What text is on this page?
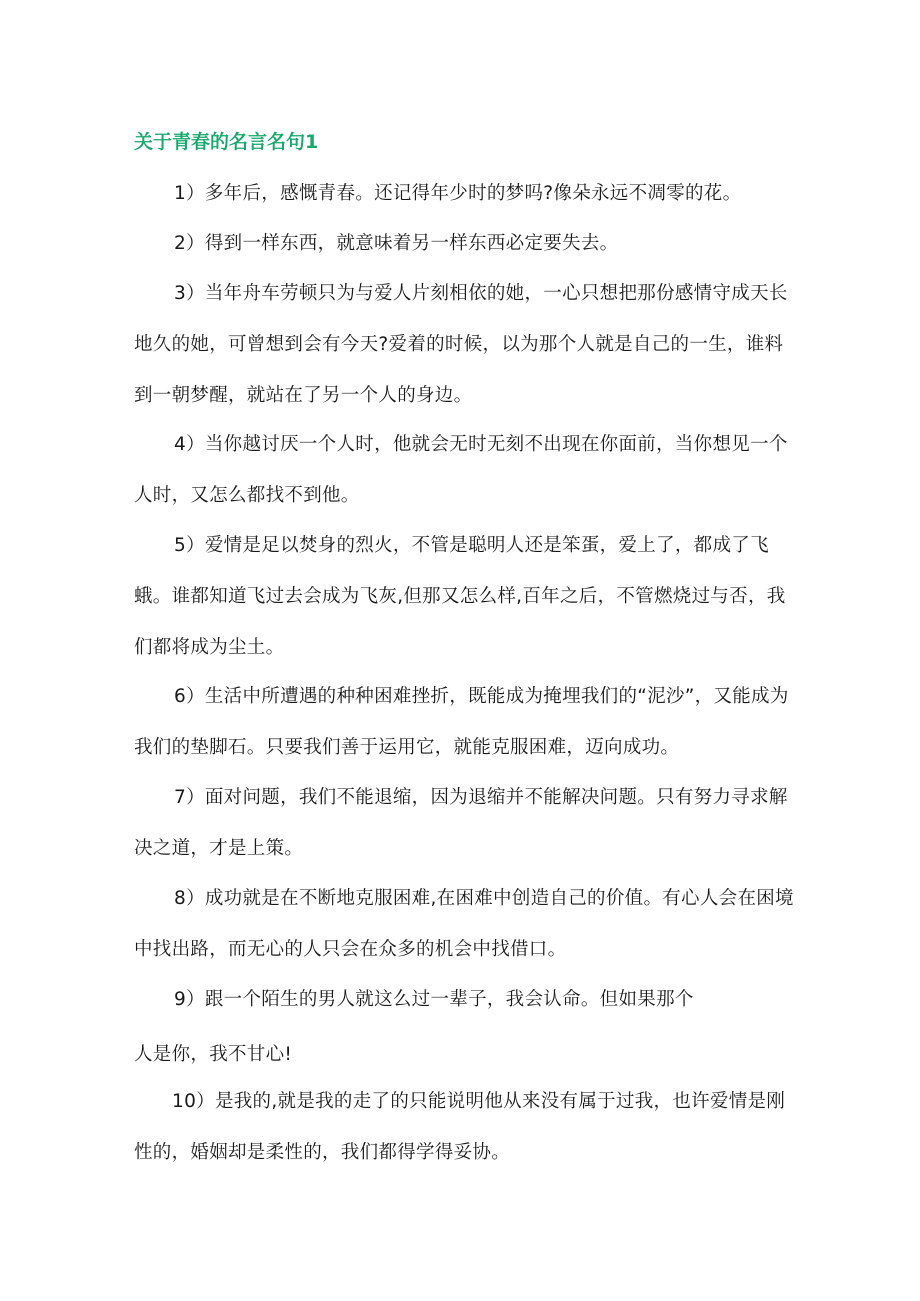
关于青春的名言名句1

1）多年后，感慨青春。还记得年少时的梦吗?像朵永远不凋零的花。

2）得到一样东西，就意味着另一样东西必定要失去。

3）当年舟车劳顿只为与爱人片刻相依的她，一心只想把那份感情守成天长地久的她，可曾想到会有今天?爱着的时候，以为那个人就是自己的一生，谁料到一朝梦醒，就站在了另一个人的身边。

4）当你越讨厌一个人时，他就会无时无刻不出现在你面前，当你想见一个人时，又怎么都找不到他。

5）爱情是足以焚身的烈火，不管是聪明人还是笨蛋，爱上了，都成了飞蛾。谁都知道飞过去会成为飞灰,但那又怎么样,百年之后，不管燃烧过与否，我们都将成为尘土。

6）生活中所遭遇的种种困难挫折，既能成为掩埋我们的“泥沙”，又能成为我们的垫脚石。只要我们善于运用它，就能克服困难，迈向成功。

7）面对问题，我们不能退缩，因为退缩并不能解决问题。只有努力寻求解决之道，才是上策。

8）成功就是在不断地克服困难,在困难中创造自己的价值。有心人会在困境中找出路，而无心的人只会在众多的机会中找借口。

9）跟一个陌生的男人就这么过一辈子，我会认命。但如果那个
人是你，我不甘心!

10）是我的,就是我的走了的只能说明他从来没有属于过我，也许爱情是刚性的，婚姻却是柔性的，我们都得学得妥协。
